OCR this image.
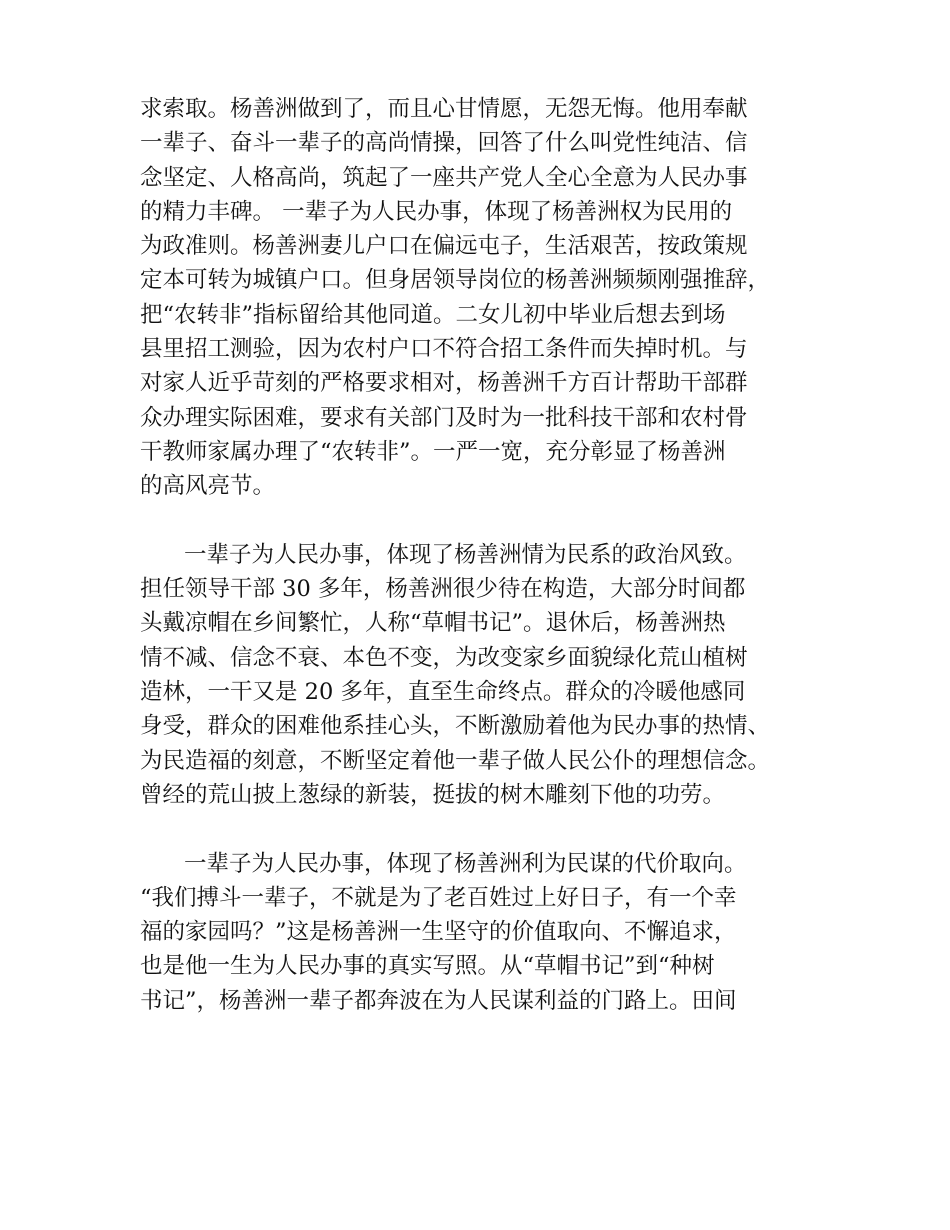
求索取。杨善洲做到了，而且心甘情愿，无怨无悔。他用奉献
一辈子、奋斗一辈子的高尚情操，回答了什么叫党性纯洁、信
念坚定、人格高尚，筑起了一座共产党人全心全意为人民办事
的精力丰碑。 一辈子为人民办事，体现了杨善洲权为民用的
为政准则。杨善洲妻儿户口在偏远屯子，生活艰苦，按政策规
定本可转为城镇户口。但身居领导岗位的杨善洲频频刚强推辞，
把“农转非”指标留给其他同道。二女儿初中毕业后想去到场
县里招工测验，因为农村户口不符合招工条件而失掉时机。与
对家人近乎苛刻的严格要求相对，杨善洲千方百计帮助干部群
众办理实际困难，要求有关部门及时为一批科技干部和农村骨
干教师家属办理了“农转非”。一严一宽，充分彰显了杨善洲
的高风亮节。
一辈子为人民办事，体现了杨善洲情为民系的政治风致。
担任领导干部 30 多年，杨善洲很少待在构造，大部分时间都
头戴凉帽在乡间繁忙，人称“草帽书记”。退休后，杨善洲热
情不减、信念不衰、本色不变，为改变家乡面貌绿化荒山植树
造林，一干又是 20 多年，直至生命终点。群众的冷暖他感同
身受，群众的困难他系挂心头，不断激励着他为民办事的热情、
为民造福的刻意，不断坚定着他一辈子做人民公仆的理想信念。
曾经的荒山披上葱绿的新装，挺拔的树木雕刻下他的功劳。
一辈子为人民办事，体现了杨善洲利为民谋的代价取向。
“我们搏斗一辈子，不就是为了老百姓过上好日子，有一个幸
福的家园吗？”这是杨善洲一生坚守的价值取向、不懈追求，
也是他一生为人民办事的真实写照。从“草帽书记”到“种树
书记”，杨善洲一辈子都奔波在为人民谋利益的门路上。田间
